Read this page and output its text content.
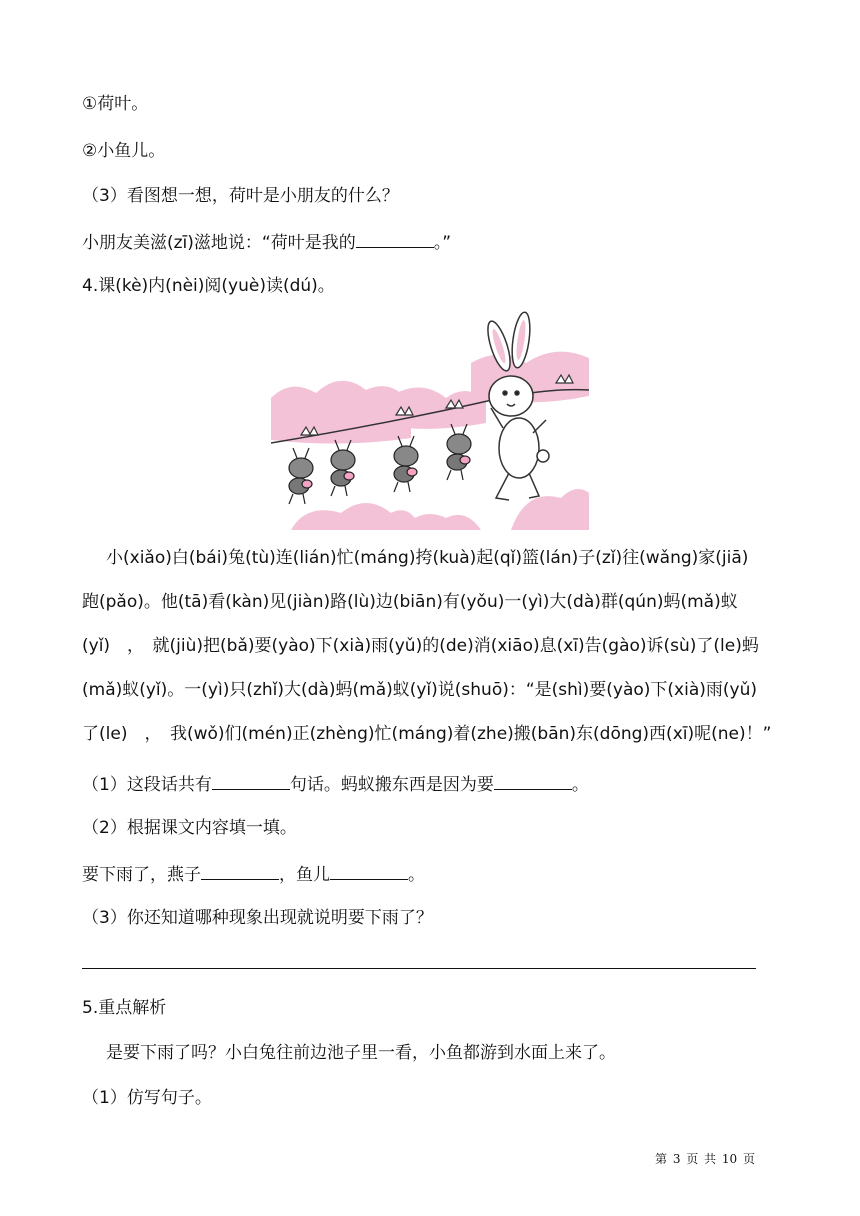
①荷叶。
②小鱼儿。
（3）看图想一想，荷叶是小朋友的什么？
小朋友美滋(zī)滋地说：“荷叶是我的	。”
4.课(kè)内(nèi)阅(yuè)读(dú)。
小(xiǎo)白(bái)兔(tù)连(lián)忙(máng)挎(kuà)起(qǐ)篮(lán)子(zǐ)往(wǎng)家(jiā)
跑(pǎo)。他(tā)看(kàn)见(jiàn)路(lù)边(biān)有(yǒu)一(yì)大(dà)群(qún)蚂(mǎ)蚁
(yǐ)　，　就(jiù)把(bǎ)要(yào)下(xià)雨(yǔ)的(de)消(xiāo)息(xī)告(gào)诉(sù)了(le)蚂
(mǎ)蚁(yǐ)。一(yì)只(zhǐ)大(dà)蚂(mǎ)蚁(yǐ)说(shuō)：“是(shì)要(yào)下(xià)雨(yǔ)
了(le)　，　我(wǒ)们(mén)正(zhèng)忙(máng)着(zhe)搬(bān)东(dōng)西(xī)呢(ne)！”
（1）这段话共有	句话。蚂蚁搬东西是因为要	。
（2）根据课文内容填一填。
要下雨了，燕子	，鱼儿	。
（3）你还知道哪种现象出现就说明要下雨了？
5.重点解析
是要下雨了吗？小白兔往前边池子里一看，小鱼都游到水面上来了。
（1）仿写句子。
第 3 页 共 10 页
